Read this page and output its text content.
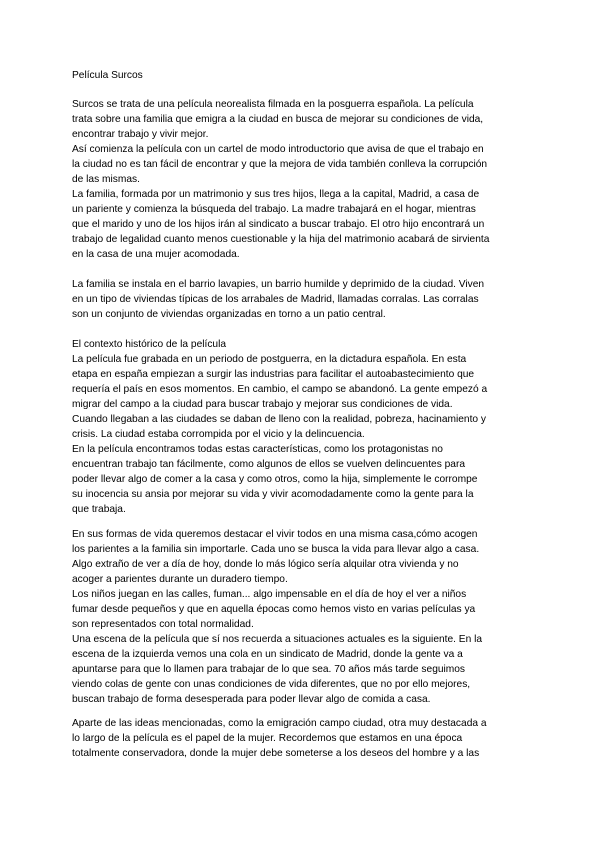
Película Surcos
Surcos se trata de una película neorealista filmada en la posguerra española. La película
trata sobre una familia que emigra a la ciudad en busca de mejorar su condiciones de vida,
encontrar trabajo y vivir mejor.
Así comienza la película con un cartel de modo introductorio que avisa de que el trabajo en
la ciudad no es tan fácil de encontrar y que la mejora de vida también conlleva la corrupción
de las mismas.
La familia, formada por un matrimonio y sus tres hijos, llega a la capital, Madrid, a casa de
un pariente y comienza la búsqueda del trabajo. La madre trabajará en el hogar, mientras
que el marido y uno de los hijos irán al sindicato a buscar trabajo. El otro hijo encontrará un
trabajo de legalidad cuanto menos cuestionable y la hija del matrimonio acabará de sirvienta
en la casa de una mujer acomodada.
La familia se instala en el barrio lavapies, un barrio humilde y deprimido de la ciudad. Viven
en un tipo de viviendas típicas de los arrabales de Madrid, llamadas corralas. Las corralas
son un conjunto de viviendas organizadas en torno a un patio central.
El contexto histórico de la película
La película fue grabada en un periodo de postguerra, en la dictadura española. En esta
etapa en españa empiezan a surgir las industrias para facilitar el autoabastecimiento que
requería el país en esos momentos. En cambio, el campo se abandonó. La gente empezó a
migrar del campo a la ciudad para buscar trabajo y mejorar sus condiciones de vida.
Cuando llegaban a las ciudades se daban de lleno con la realidad, pobreza, hacinamiento y
crisis. La ciudad estaba corrompida por el vicio y la delincuencia.
En la película encontramos todas estas características, como los protagonistas no
encuentran trabajo tan fácilmente, como algunos de ellos se vuelven delincuentes para
poder llevar algo de comer a la casa y como otros, como la hija, simplemente le corrompe
su inocencia su ansia por mejorar su vida y vivir acomodadamente como la gente para la
que trabaja.
En sus formas de vida queremos destacar el vivir todos en una misma casa,cómo acogen
los parientes a la familia sin importarle. Cada uno se busca la vida para llevar algo a casa.
Algo extraño de ver a día de hoy, donde lo más lógico sería alquilar otra vivienda y no
acoger a parientes durante un duradero tiempo.
Los niños juegan en las calles, fuman... algo impensable en el día de hoy el ver a niños
fumar desde pequeños y que en aquella épocas como hemos visto en varias películas ya
son representados con total normalidad.
Una escena de la película que sí nos recuerda a situaciones actuales es la siguiente. En la
escena de la izquierda vemos una cola en un sindicato de Madrid, donde la gente va a
apuntarse para que lo llamen para trabajar de lo que sea. 70 años más tarde seguimos
viendo colas de gente con unas condiciones de vida diferentes, que no por ello mejores,
buscan trabajo de forma desesperada para poder llevar algo de comida a casa.
Aparte de las ideas mencionadas, como la emigración campo ciudad, otra muy destacada a
lo largo de la película es el papel de la mujer. Recordemos que estamos en una época
totalmente conservadora, donde la mujer debe someterse a los deseos del hombre y a las
